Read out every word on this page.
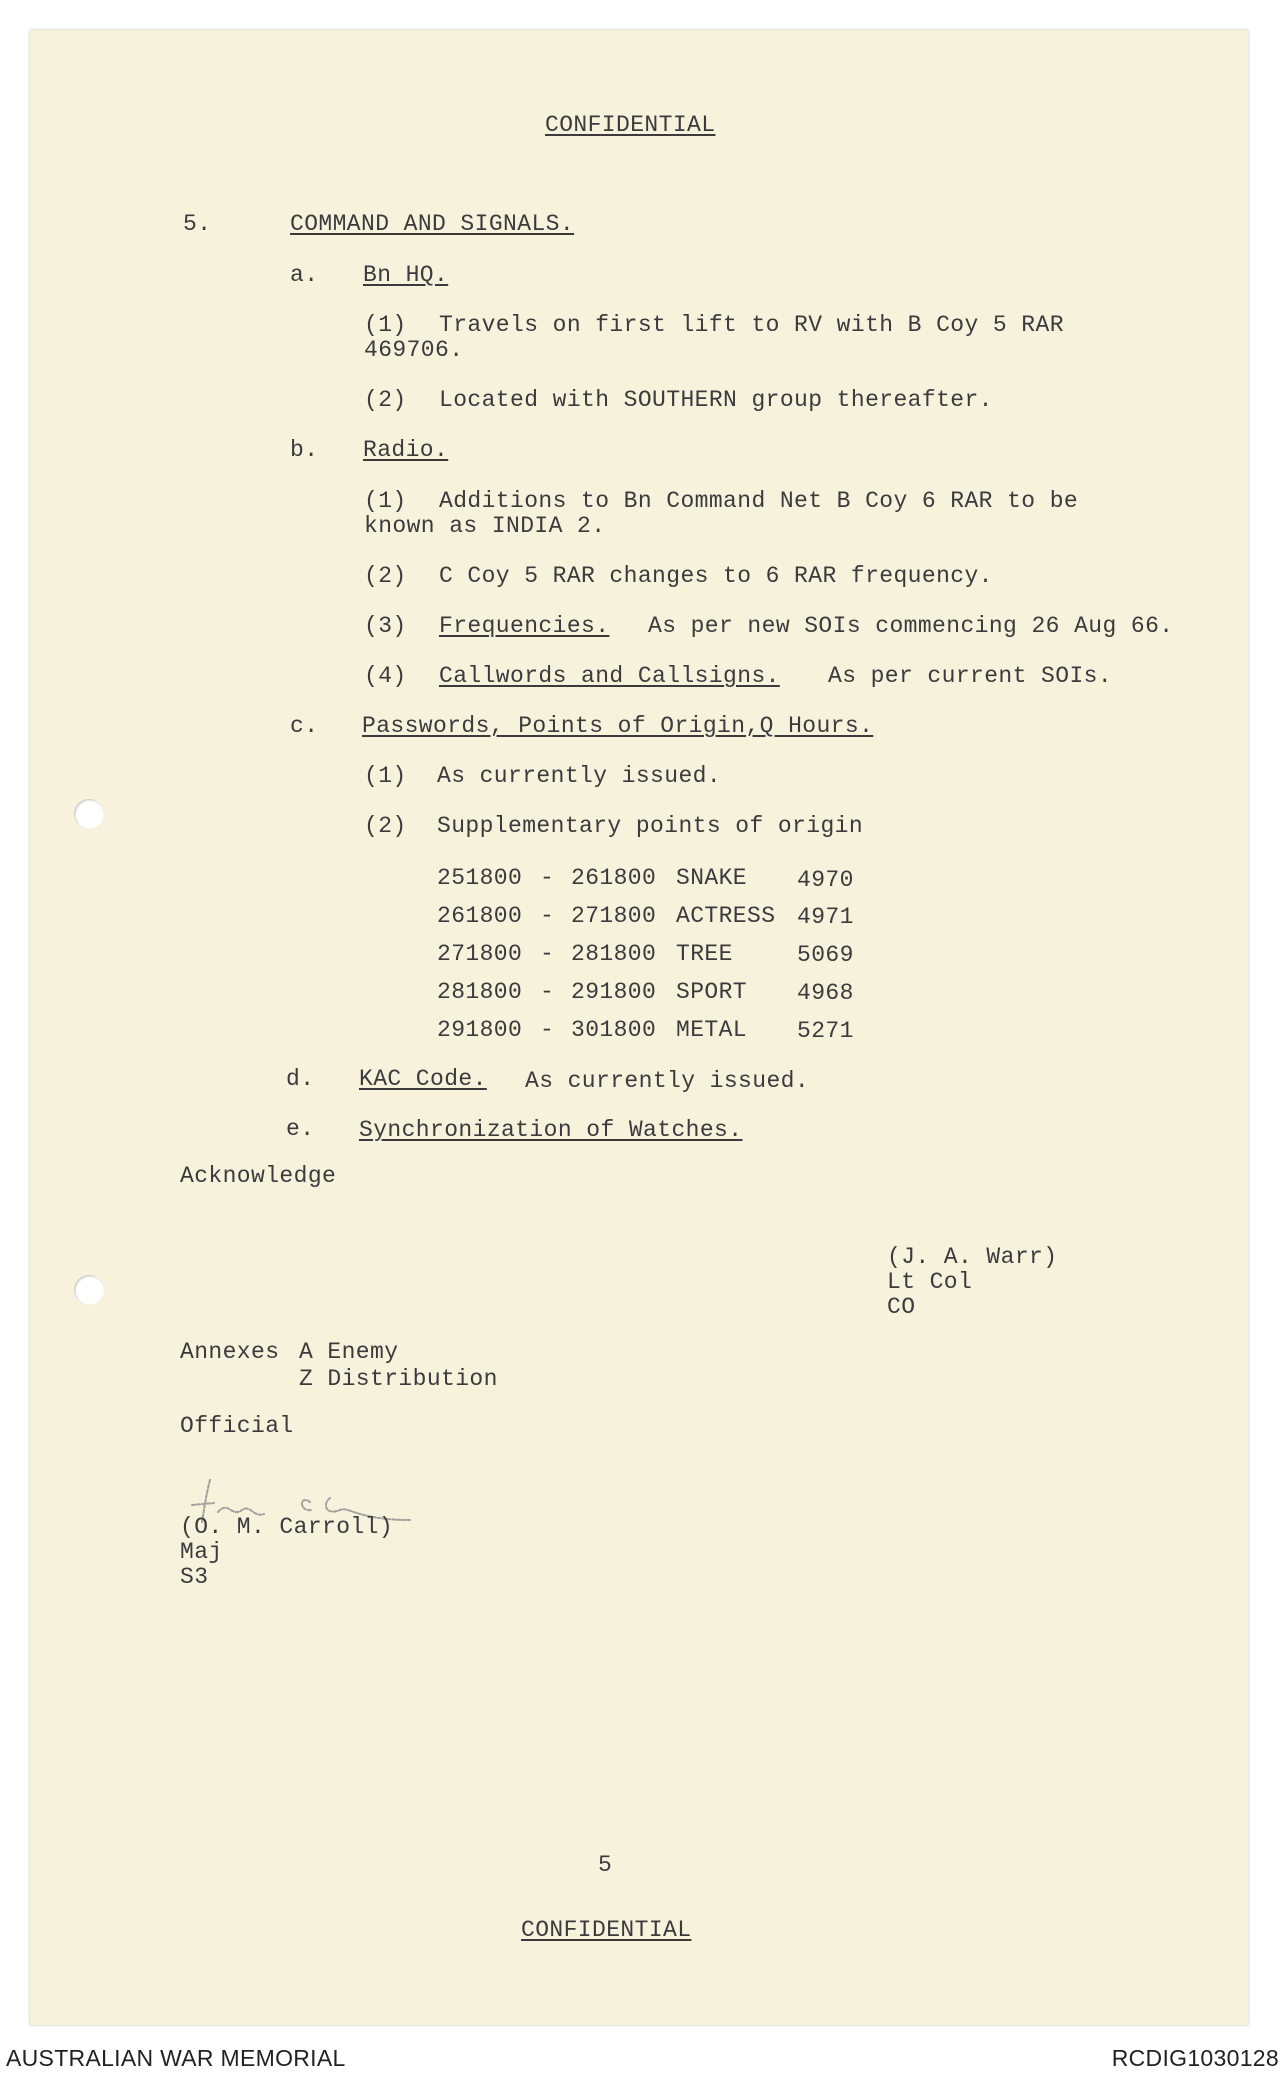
CONFIDENTIAL
5.	COMMAND AND SIGNALS.
a. Bn HQ.
(1) Travels on first lift to RV with B Coy 5 RAR
469706.
(2) Located with SOUTHERN group thereafter.
b. Radio.
(1) Additions to Bn Command Net B Coy 6 RAR to be
known as INDIA 2.
(2) C Coy 5 RAR changes to 6 RAR frequency.
(3) Frequencies. As per new SOIs commencing 26 Aug 66.
(4) Callwords and Callsigns. As per current SOIs.
c. Passwords, Points of Origin,Q Hours.
(1) As currently issued.
(2) Supplementary points of origin
251800 - 261800 SNAKE 4970
261800 - 271800 ACTRESS 4971
271800 - 281800 TREE	5069
281800 - 291800 SPORT 4968
291800 - 301800 METAL 5271
d. KAC Code. As currently issued.
e. Synchronization of Watches.
Acknowledge
(J. A. Warr)
Lt Col
CO
Annexes A Enemy
Z Distribution
Official
(O. M. Carroll)
Maj
S3
5
CONFIDENTIAL
AUSTRALIAN WAR MEMORIAL	RCDIG1030128
